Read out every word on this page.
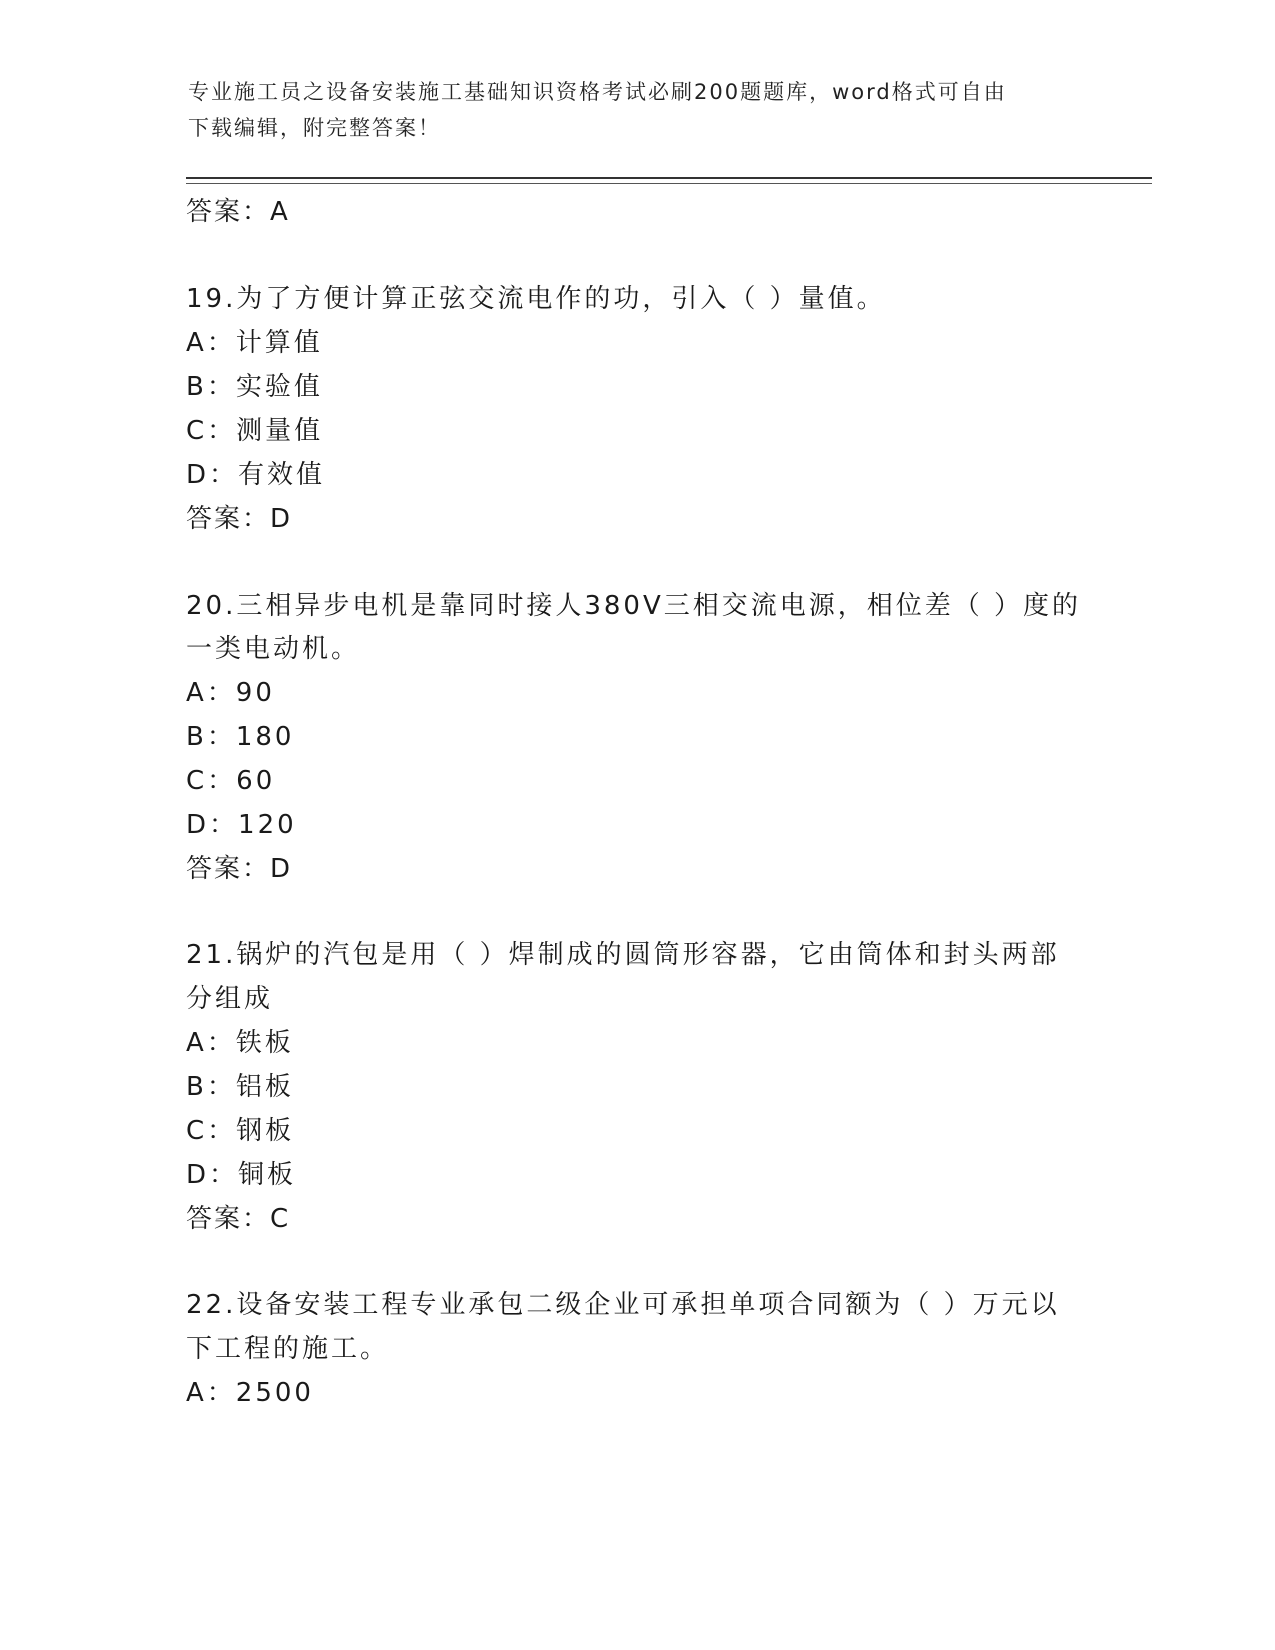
专业施工员之设备安装施工基础知识资格考试必刷200题题库，word格式可自由
下载编辑，附完整答案！
答案：A
19.为了方便计算正弦交流电作的功，引入（ ）量值。
A：计算值
B：实验值
C：测量值
D：有效值
答案：D
20.三相异步电机是靠同时接人380V三相交流电源，相位差（ ）度的
一类电动机。
A：90
B：180
C：60
D：120
答案：D
21.锅炉的汽包是用（ ）焊制成的圆筒形容器，它由筒体和封头两部
分组成
A：铁板
B：铝板
C：钢板
D：铜板
答案：C
22.设备安装工程专业承包二级企业可承担单项合同额为（ ）万元以
下工程的施工。
A：2500
